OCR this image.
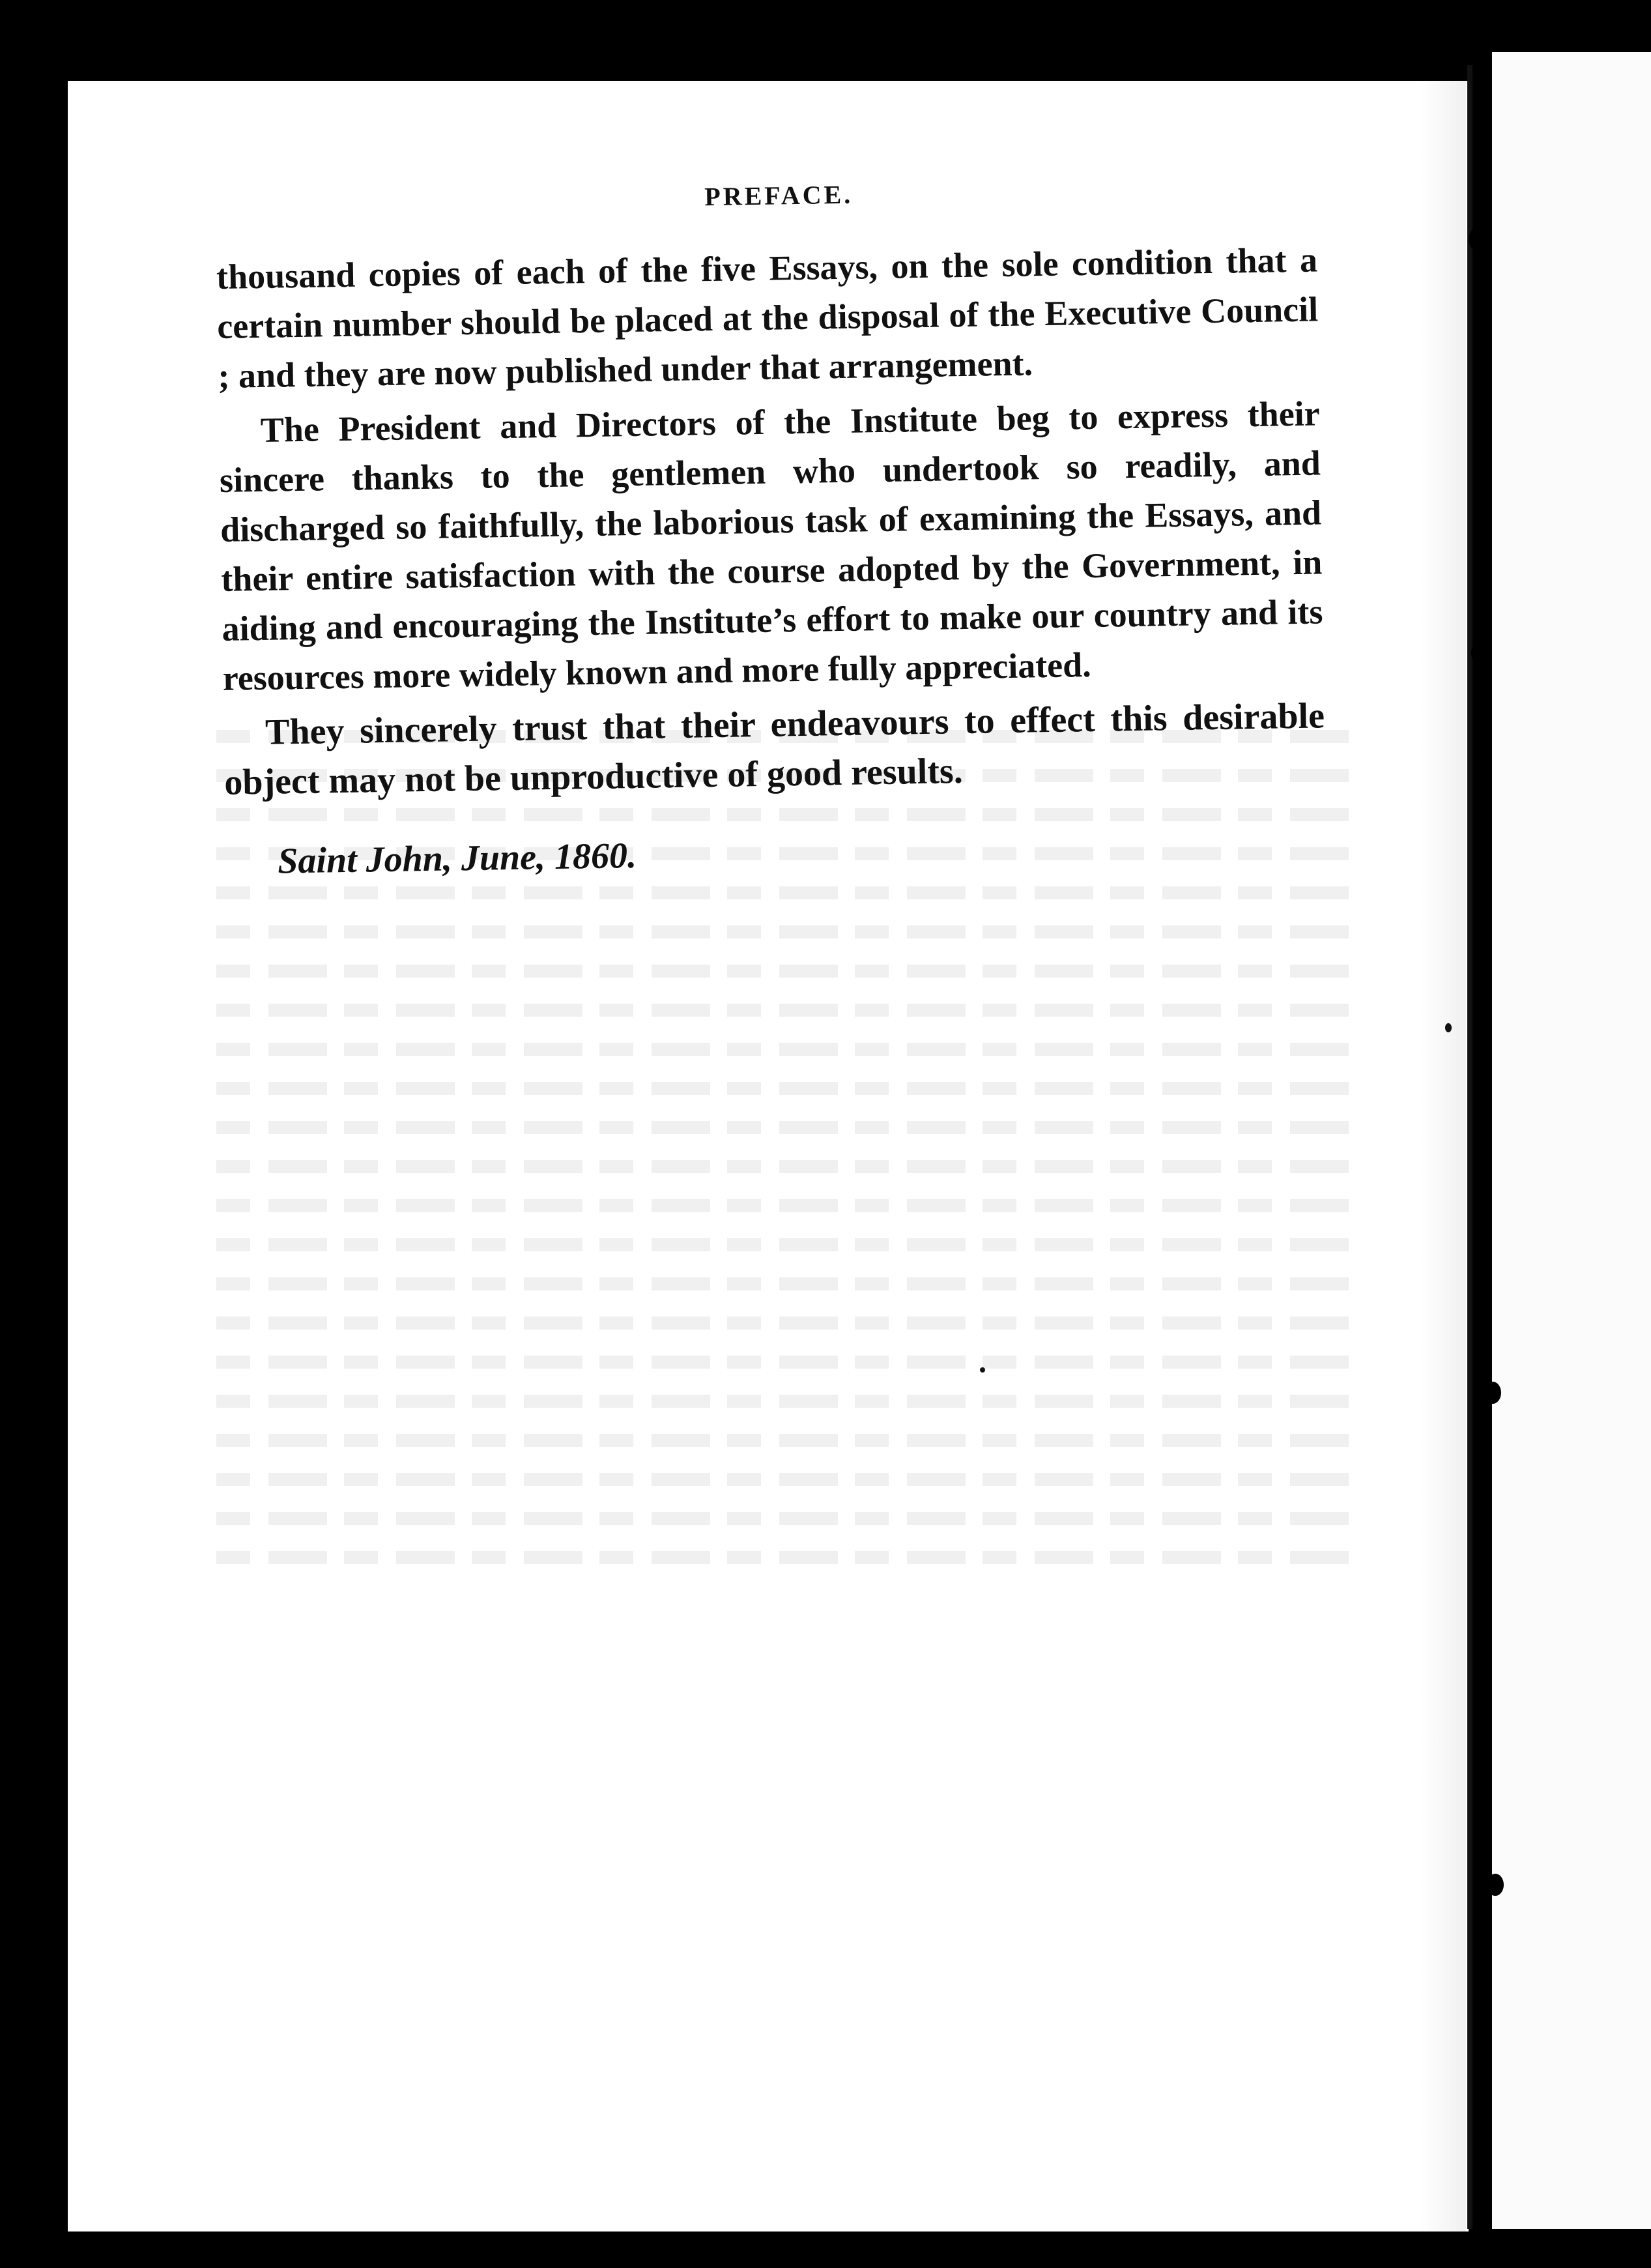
PREFACE.

thousand copies of each of the five Essays, on the sole condition that a certain number should be placed at the disposal of the Executive Council ; and they are now published under that arrangement.

The President and Directors of the Institute beg to express their sincere thanks to the gentlemen who undertook so readily, and discharged so faithfully, the laborious task of examining the Essays, and their entire satisfaction with the course adopted by the Government, in aiding and encouraging the Institute’s effort to make our country and its resources more widely known and more fully appreciated.

They sincerely trust that their endeavours to effect this desirable object may not be unproductive of good results.

Saint John, June, 1860.
